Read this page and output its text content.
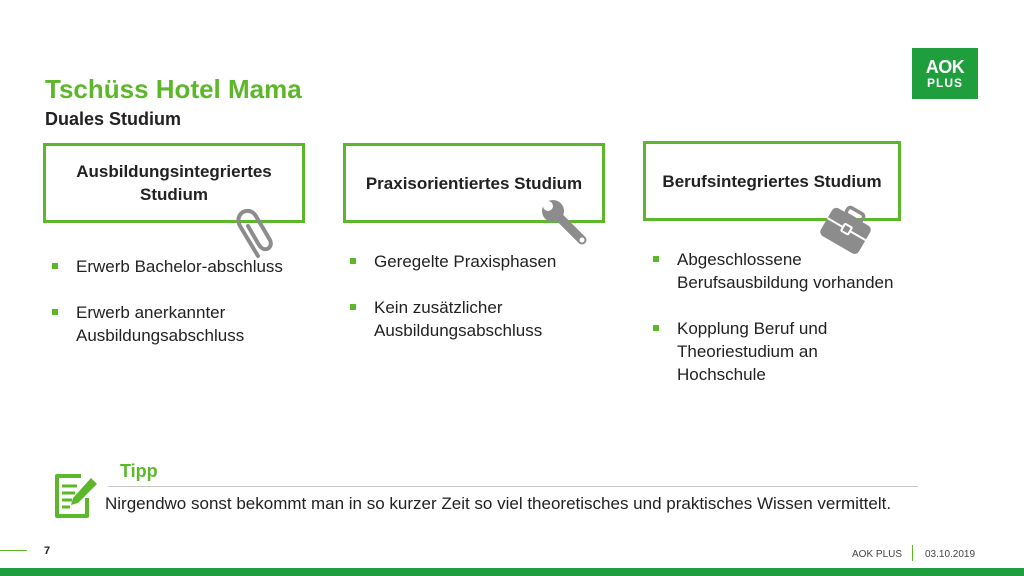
Tschüss Hotel Mama
Duales Studium
AOK
PLUS
Ausbildungsintegriertes Studium
Erwerb Bachelor-abschluss
Erwerb anerkannter Ausbildungsabschluss
Praxisorientiertes Studium
Geregelte Praxisphasen
Kein zusätzlicher Ausbildungsabschluss
Berufsintegriertes Studium
Abgeschlossene Berufsausbildung vorhanden
Kopplung Beruf und Theoriestudium an Hochschule
Tipp
Nirgendwo sonst bekommt man in so kurzer Zeit so viel theoretisches und praktisches Wissen vermittelt.
7	AOK PLUS 03.10.2019
